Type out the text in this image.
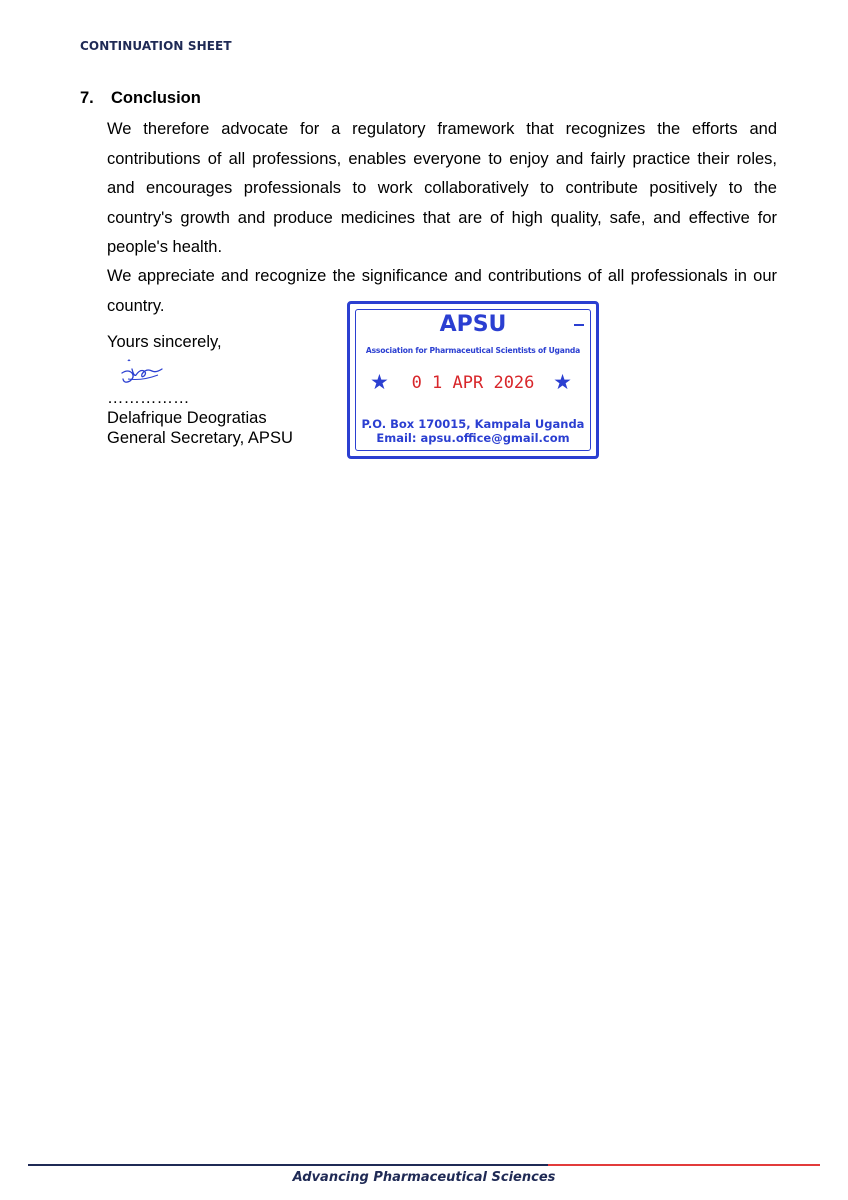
CONTINUATION SHEET
7. Conclusion
We therefore advocate for a regulatory framework that recognizes the efforts and contributions of all professions, enables everyone to enjoy and fairly practice their roles, and encourages professionals to work collaboratively to contribute positively to the country's growth and produce medicines that are of high quality, safe, and effective for people's health.
We appreciate and recognize the significance and contributions of all professionals in our country.
Yours sincerely,
……………
Delafrique Deogratias
General Secretary, APSU
APSU
Association for Pharmaceutical Scientists of Uganda
★	0 1 APR 2026 ★
P.O. Box 170015, Kampala Uganda
Email: apsu.office@gmail.com
Advancing Pharmaceutical Sciences
